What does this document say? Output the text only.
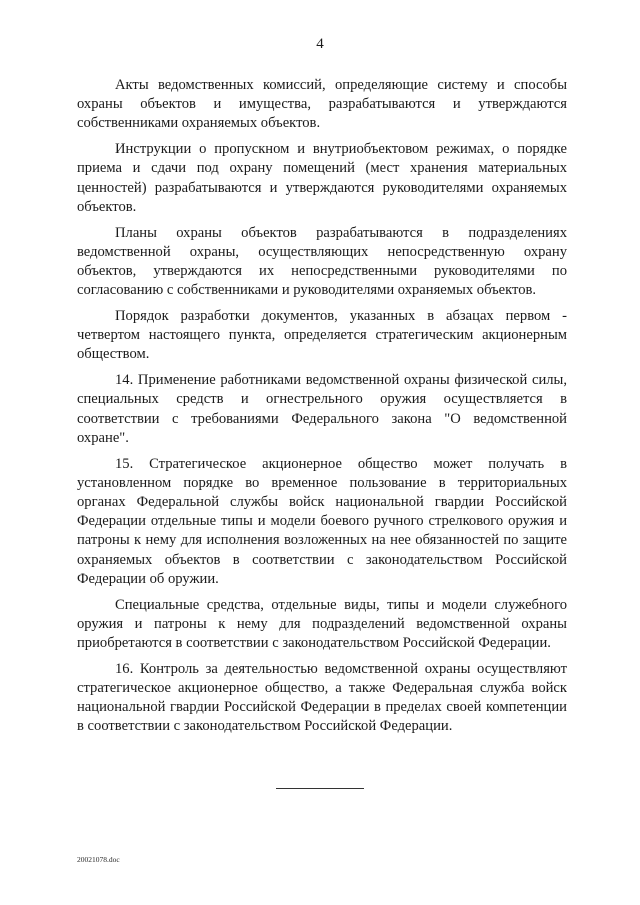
4

Акты ведомственных комиссий, определяющие систему и способы охраны объектов и имущества, разрабатываются и утверждаются собственниками охраняемых объектов.

Инструкции о пропускном и внутриобъектовом режимах, о порядке приема и сдачи под охрану помещений (мест хранения материальных ценностей) разрабатываются и утверждаются руководителями охраняемых объектов.

Планы охраны объектов разрабатываются в подразделениях ведомственной охраны, осуществляющих непосредственную охрану объектов, утверждаются их непосредственными руководителями по согласованию с собственниками и руководителями охраняемых объектов.

Порядок разработки документов, указанных в абзацах первом - четвертом настоящего пункта, определяется стратегическим акционерным обществом.

14. Применение работниками ведомственной охраны физической силы, специальных средств и огнестрельного оружия осуществляется в соответствии с требованиями Федерального закона "О ведомственной охране".

15. Стратегическое акционерное общество может получать в установленном порядке во временное пользование в территориальных органах Федеральной службы войск национальной гвардии Российской Федерации отдельные типы и модели боевого ручного стрелкового оружия и патроны к нему для исполнения возложенных на нее обязанностей по защите охраняемых объектов в соответствии с законодательством Российской Федерации об оружии.

Специальные средства, отдельные виды, типы и модели служебного оружия и патроны к нему для подразделений ведомственной охраны приобретаются в соответствии с законодательством Российской Федерации.

16. Контроль за деятельностью ведомственной охраны осуществляют стратегическое акционерное общество, а также Федеральная служба войск национальной гвардии Российской Федерации в пределах своей компетенции в соответствии с законодательством Российской Федерации.

20021078.doc
